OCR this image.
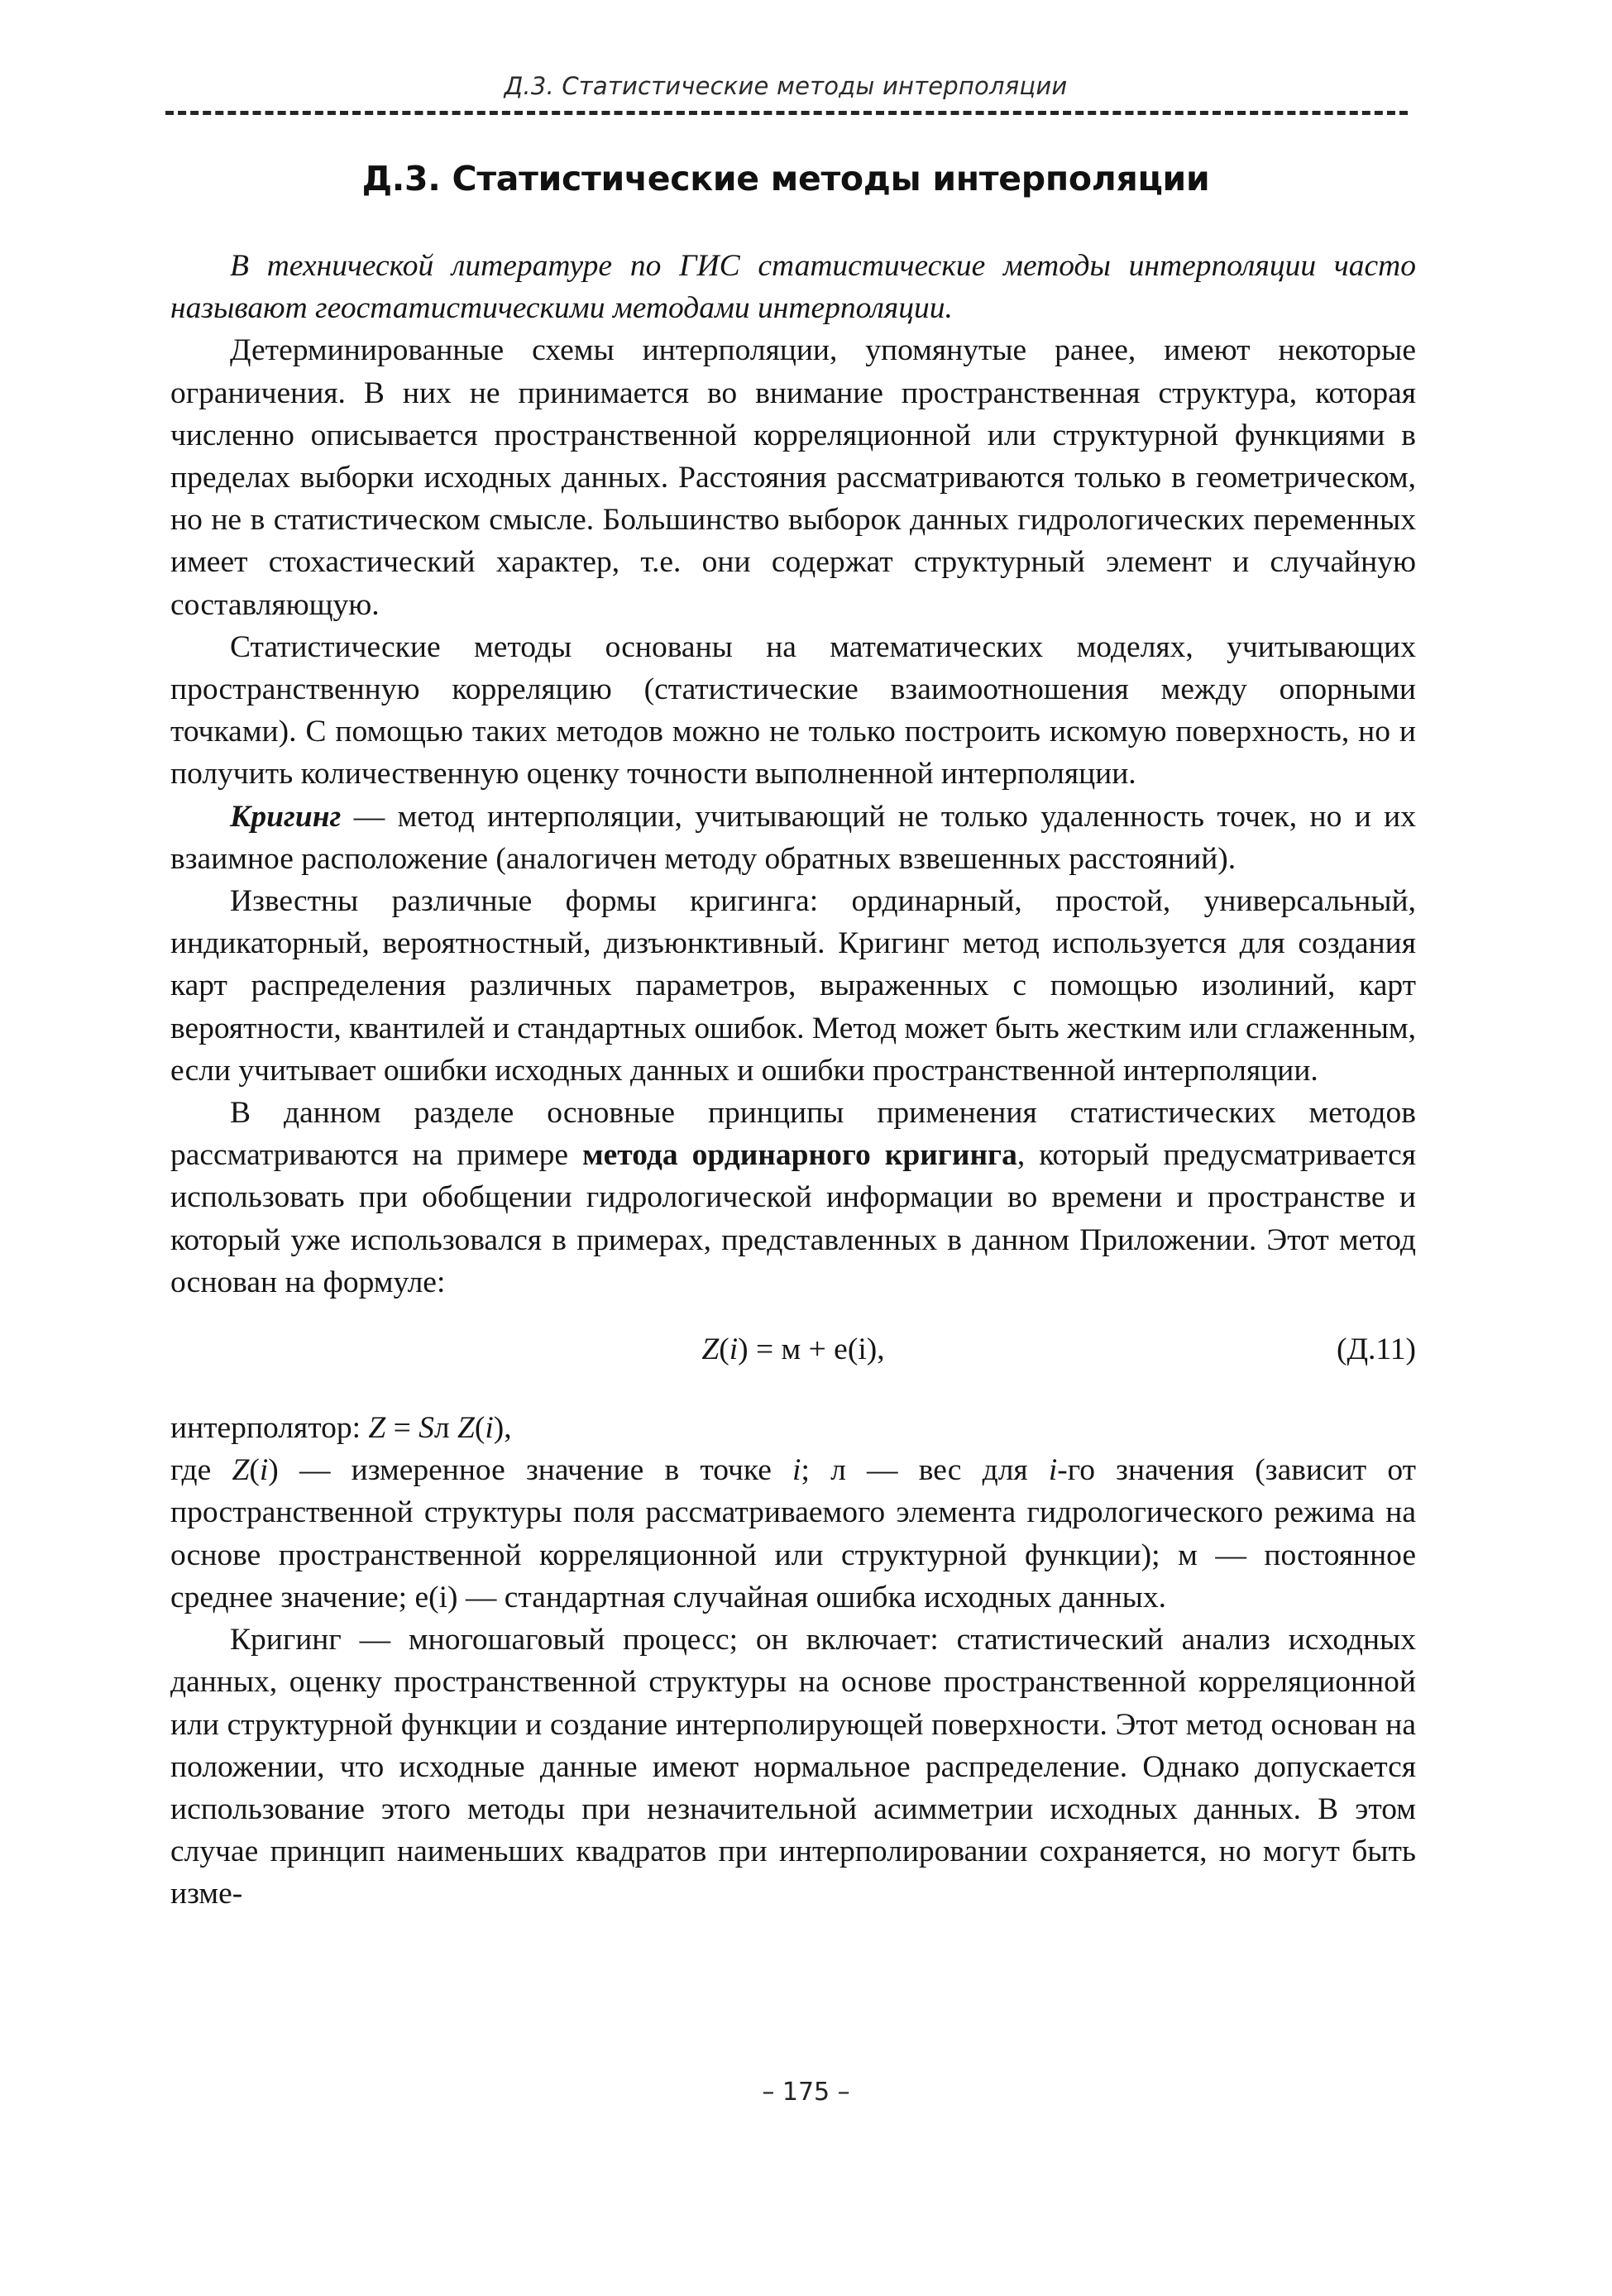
Д.3. Статистические методы интерполяции
Д.3. Статистические методы интерполяции

В технической литературе по ГИС статистические методы интерполяции часто называют геостатистическими методами интерполяции.

Детерминированные схемы интерполяции, упомянутые ранее, имеют некоторые ограничения. В них не принимается во внимание пространственная структура, которая численно описывается пространственной корреляционной или структурной функциями в пределах выборки исходных данных. Расстояния рассматриваются только в геометрическом, но не в статистическом смысле. Большинство выборок данных гидрологических переменных имеет стохастический характер, т.е. они содержат структурный элемент и случайную составляющую.

Статистические методы основаны на математических моделях, учитывающих пространственную корреляцию (статистические взаимоотношения между опорными точками). С помощью таких методов можно не только построить искомую поверхность, но и получить количественную оценку точности выполненной интерполяции.

Кригинг — метод интерполяции, учитывающий не только удаленность точек, но и их взаимное расположение (аналогичен методу обратных взвешенных расстояний).

Известны различные формы кригинга: ординарный, простой, универсальный, индикаторный, вероятностный, дизъюнктивный. Кригинг метод используется для создания карт распределения различных параметров, выраженных с помощью изолиний, карт вероятности, квантилей и стандартных ошибок. Метод может быть жестким или сглаженным, если учитывает ошибки исходных данных и ошибки пространственной интерполяции.

В данном разделе основные принципы применения статистических методов рассматриваются на примере метода ординарного кригинга, который предусматривается использовать при обобщении гидрологической информации во времени и пространстве и который уже использовался в примерах, представленных в данном Приложении. Этот метод основан на формуле:

Z(i) = м + е(i),	(Д.11)

интерполятор: Z = Sл Z(i),

где Z(i) — измеренное значение в точке i; л — вес для i-го значения (зависит от пространственной структуры поля рассматриваемого элемента гидрологического режима на основе пространственной корреляционной или структурной функции); м — постоянное среднее значение; е(i) — стандартная случайная ошибка исходных данных.

Кригинг — многошаговый процесс; он включает: статистический анализ исходных данных, оценку пространственной структуры на основе пространственной корреляционной или структурной функции и создание интерполирующей поверхности. Этот метод основан на положении, что исходные данные имеют нормальное распределение. Однако допускается использование этого методы при незначительной асимметрии исходных данных. В этом случае принцип наименьших квадратов при интерполировании сохраняется, но могут быть изме-

– 175 –
